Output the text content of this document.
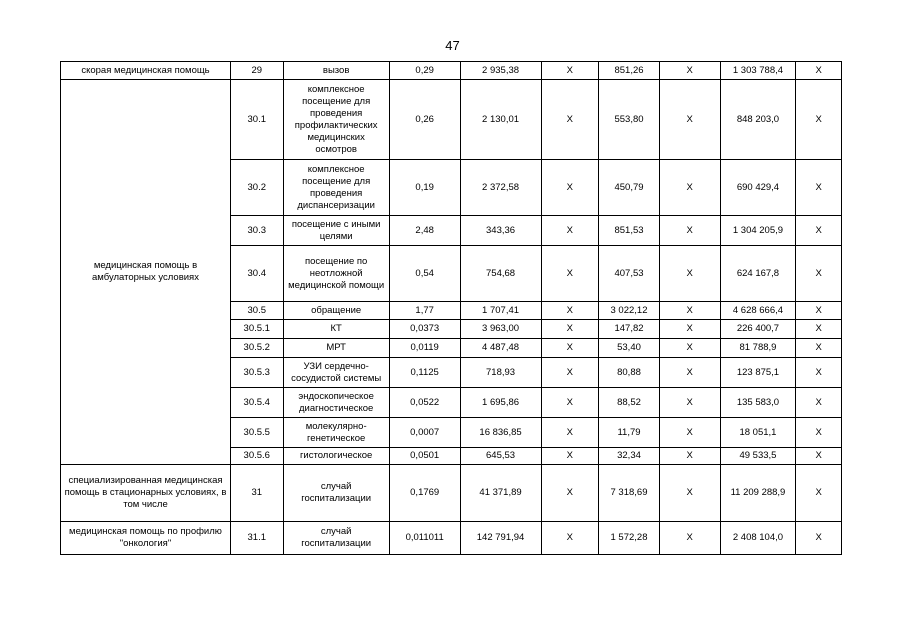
47
скорая медицинская помощь	29	вызов	0,29	2 935,38	Х	851,26	Х	1 303 788,4	Х
медицинская помощь в амбулаторных условиях	30.1	комплексное посещение для проведения профилактических медицинских осмотров	0,26	2 130,01	Х	553,80	Х	848 203,0	Х
	30.2	комплексное посещение для проведения диспансеризации	0,19	2 372,58	Х	450,79	Х	690 429,4	Х
	30.3	посещение с иными целями	2,48	343,36	Х	851,53	Х	1 304 205,9	Х
	30.4	посещение по неотложной медицинской помощи	0,54	754,68	Х	407,53	Х	624 167,8	Х
	30.5	обращение	1,77	1 707,41	Х	3 022,12	Х	4 628 666,4	Х
	30.5.1	КТ	0,0373	3 963,00	Х	147,82	Х	226 400,7	Х
	30.5.2	МРТ	0,0119	4 487,48	Х	53,40	Х	81 788,9	Х
	30.5.3	УЗИ сердечно-сосудистой системы	0,1125	718,93	Х	80,88	Х	123 875,1	Х
	30.5.4	эндоскопическое диагностическое	0,0522	1 695,86	Х	88,52	Х	135 583,0	Х
	30.5.5	молекулярно-генетическое	0,0007	16 836,85	Х	11,79	Х	18 051,1	Х
	30.5.6	гистологическое	0,0501	645,53	Х	32,34	Х	49 533,5	Х
специализированная медицинская помощь в стационарных условиях, в том числе	31	случай госпитализации	0,1769	41 371,89	Х	7 318,69	Х	11 209 288,9	Х
медицинская помощь по профилю "онкология"	31.1	случай госпитализации	0,011011	142 791,94	Х	1 572,28	Х	2 408 104,0	Х
